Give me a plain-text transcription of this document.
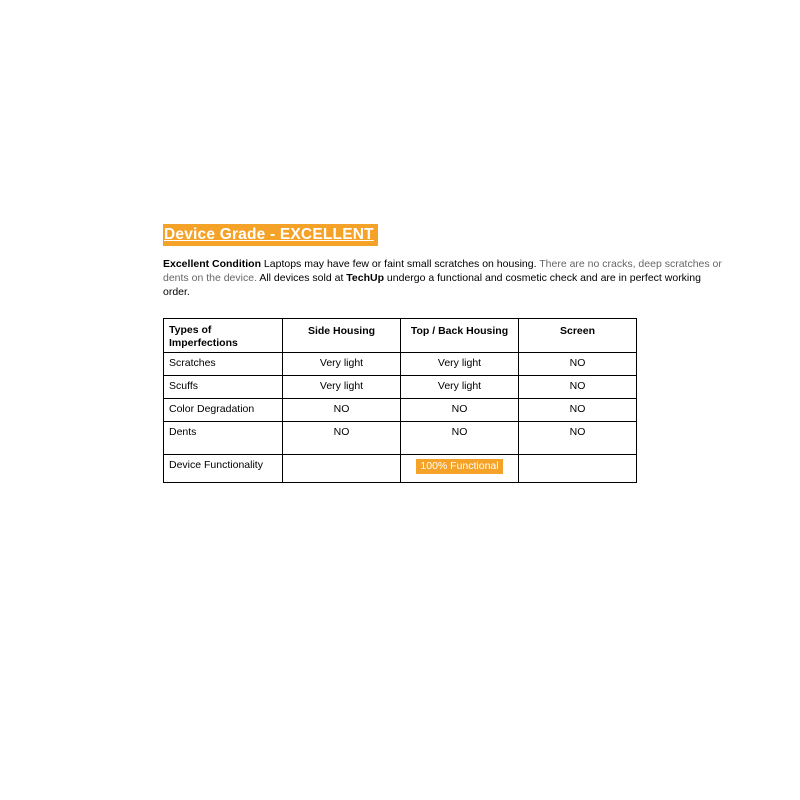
Device Grade - EXCELLENT
Excellent Condition Laptops may have few or faint small scratches on housing. There are no cracks, deep scratches or
dents on the device. All devices sold at TechUp undergo a functional and cosmetic check and are in perfect working
order.
Types of Imperfections	Side Housing	Top / Back Housing	Screen
Scratches	Very light	Very light	NO
Scuffs	Very light	Very light	NO
Color Degradation	NO	NO	NO
Dents	NO	NO	NO
Device Functionality		100% Functional	
